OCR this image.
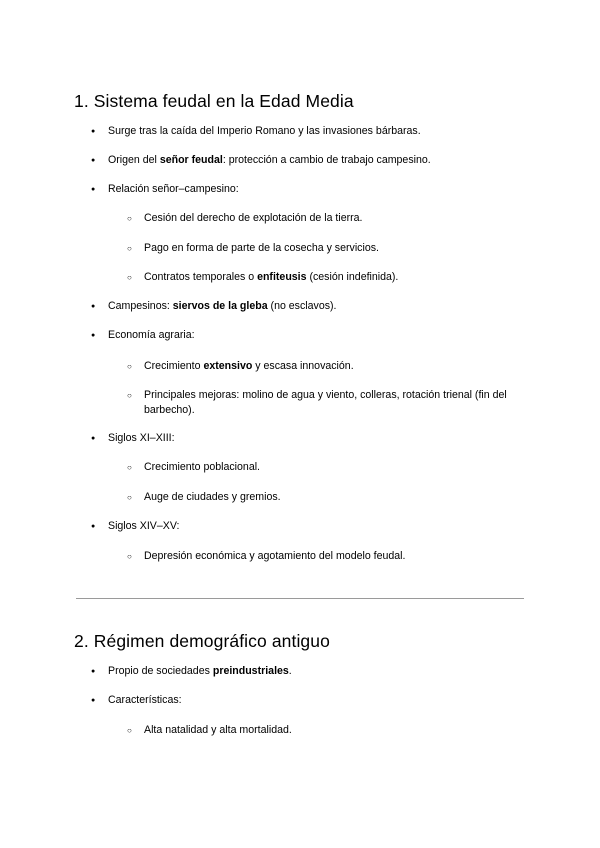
1. Sistema feudal en la Edad Media
● Surge tras la caída del Imperio Romano y las invasiones bárbaras.
● Origen del señor feudal: protección a cambio de trabajo campesino.
● Relación señor–campesino:
○ Cesión del derecho de explotación de la tierra.
○ Pago en forma de parte de la cosecha y servicios.
○ Contratos temporales o enfiteusis (cesión indefinida).
● Campesinos: siervos de la gleba (no esclavos).
● Economía agraria:
○ Crecimiento extensivo y escasa innovación.
○ Principales mejoras: molino de agua y viento, colleras, rotación trienal (fin del barbecho).
● Siglos XI–XIII:
○ Crecimiento poblacional.
○ Auge de ciudades y gremios.
● Siglos XIV–XV:
○ Depresión económica y agotamiento del modelo feudal.
2. Régimen demográfico antiguo
● Propio de sociedades preindustriales.
● Características:
○ Alta natalidad y alta mortalidad.
